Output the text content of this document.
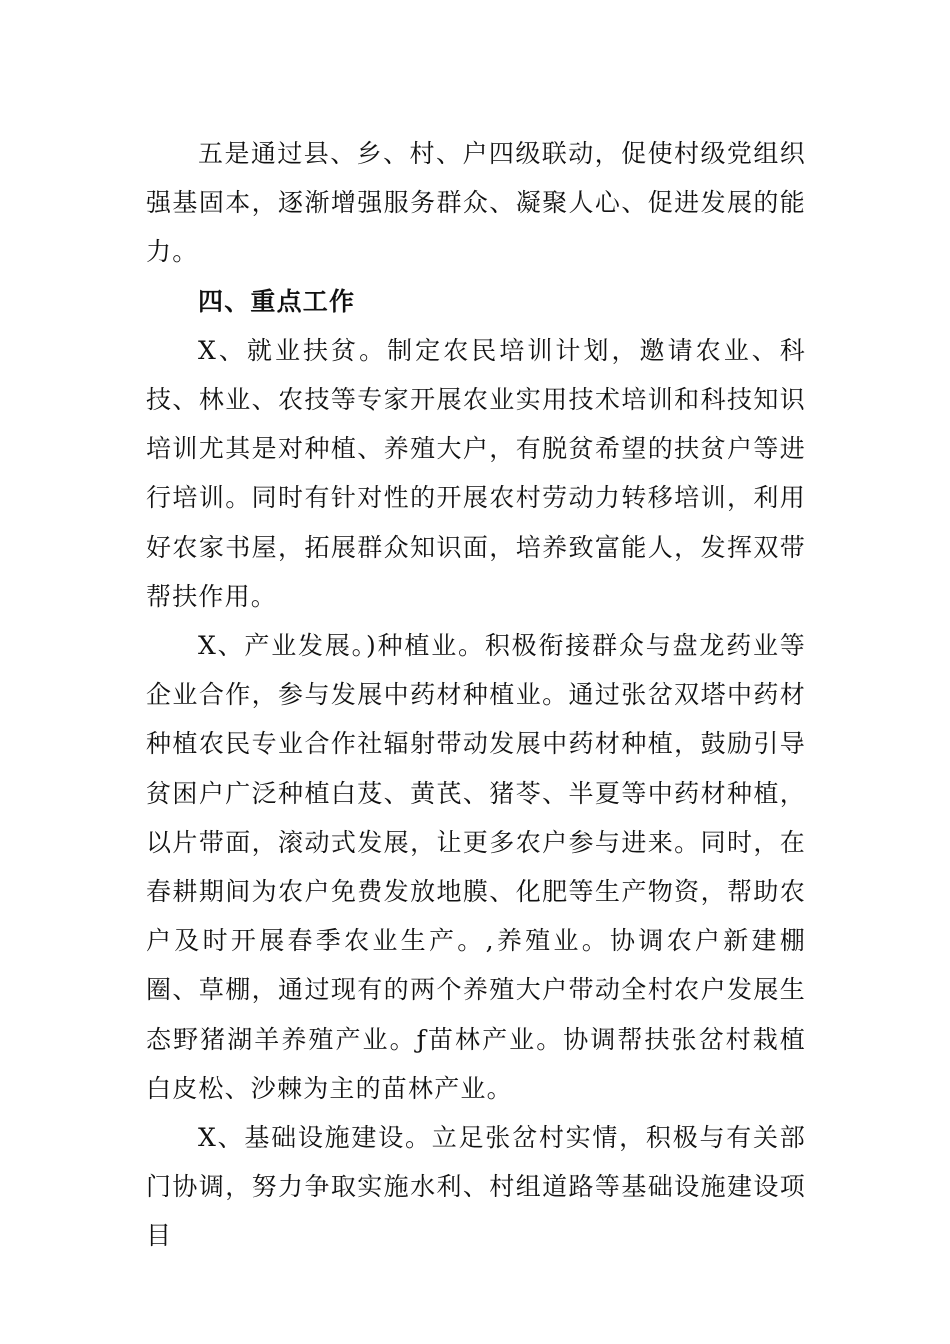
五是通过县、乡、村、户四级联动，促使村级党组织强基固本，逐渐增强服务群众、凝聚人心、促进发展的能力。

四、重点工作

X、就业扶贫。制定农民培训计划，邀请农业、科技、林业、农技等专家开展农业实用技术培训和科技知识培训尤其是对种植、养殖大户，有脱贫希望的扶贫户等进行培训。同时有针对性的开展农村劳动力转移培训，利用好农家书屋，拓展群众知识面，培养致富能人，发挥双带帮扶作用。

X、产业发展。)种植业。积极衔接群众与盘龙药业等企业合作，参与发展中药材种植业。通过张岔双塔中药材种植农民专业合作社辐射带动发展中药材种植，鼓励引导贫困户广泛种植白芨、黄芪、猪苓、半夏等中药材种植，以片带面，滚动式发展，让更多农户参与进来。同时，在春耕期间为农户免费发放地膜、化肥等生产物资，帮助农户及时开展春季农业生产。,养殖业。协调农户新建棚圈、草棚，通过现有的两个养殖大户带动全村农户发展生态野猪湖羊养殖产业。ƒ苗林产业。协调帮扶张岔村栽植白皮松、沙棘为主的苗林产业。

X、基础设施建设。立足张岔村实情，积极与有关部门协调，努力争取实施水利、村组道路等基础设施建设项目
